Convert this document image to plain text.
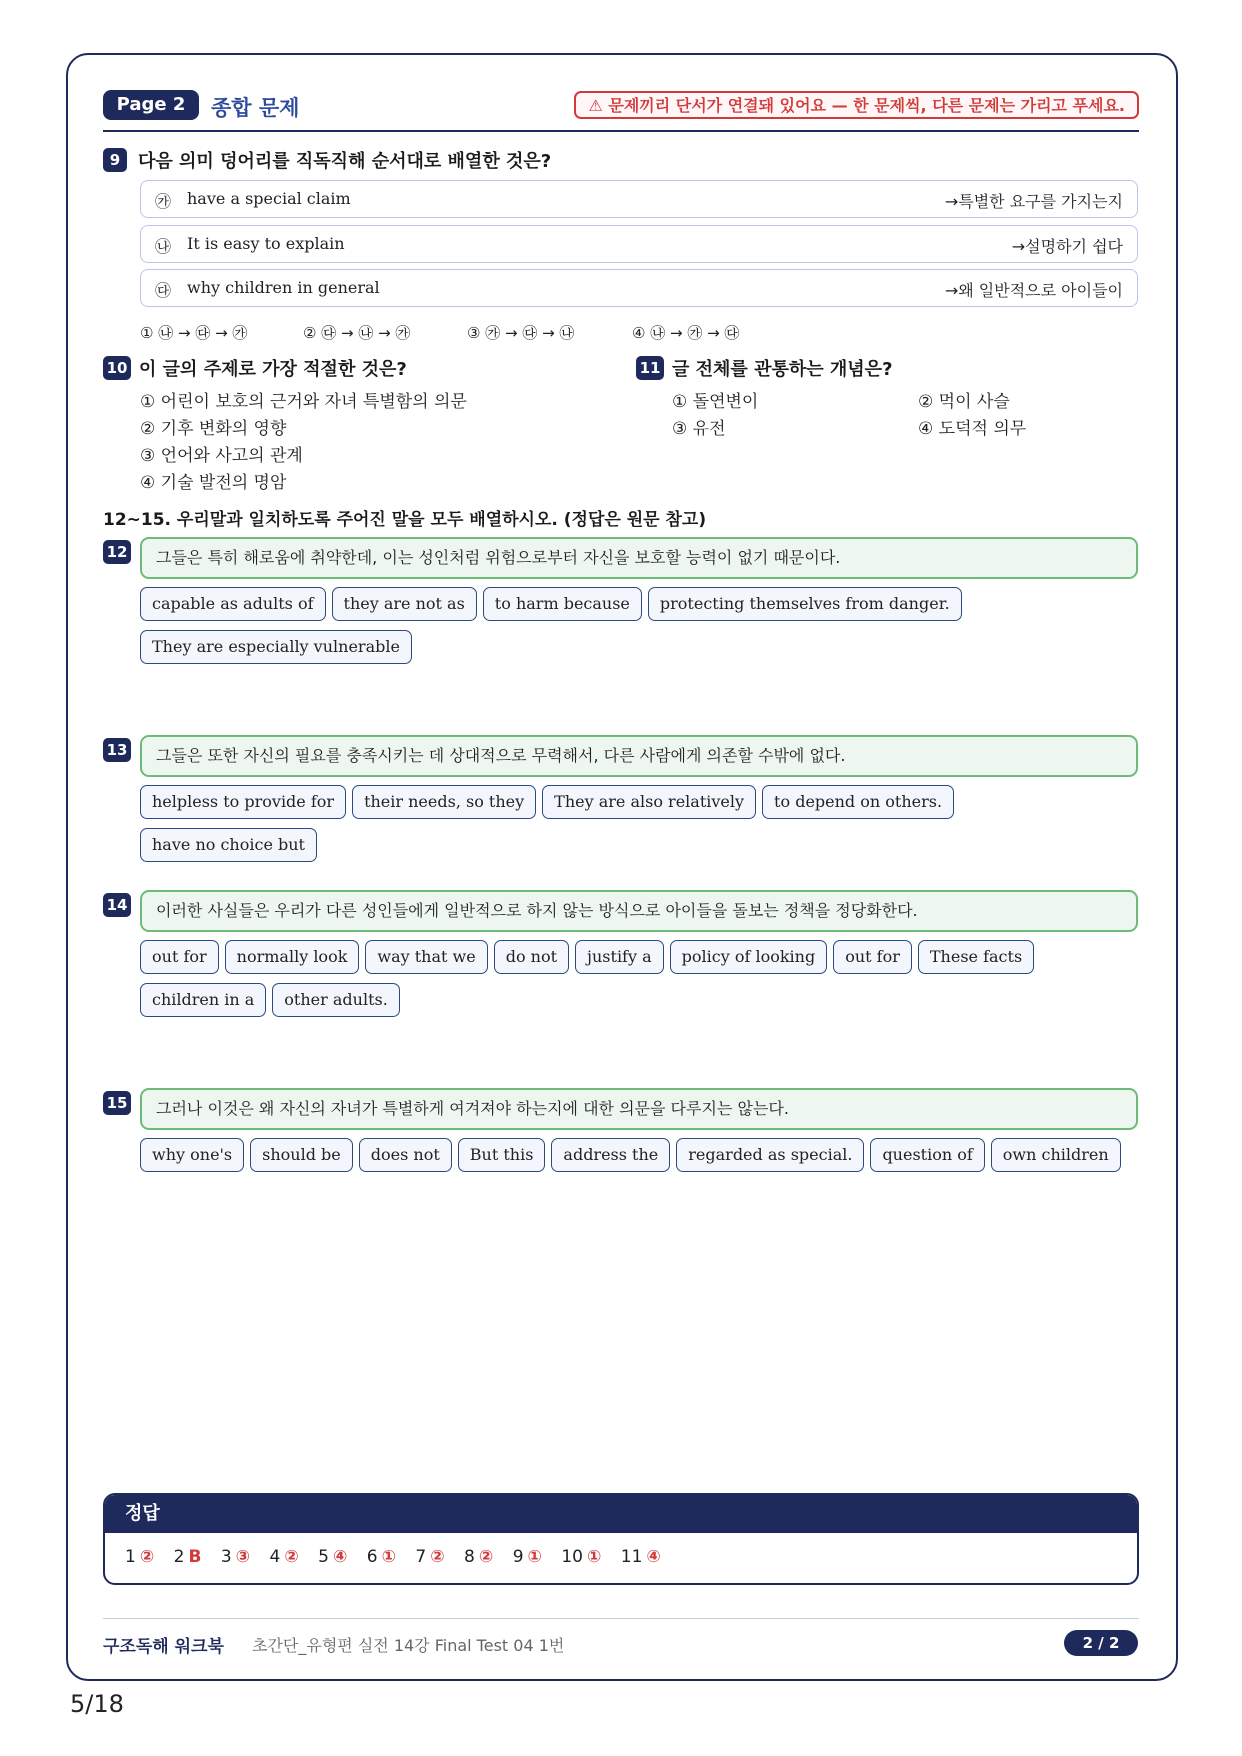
Page 2	종합 문제	⚠ 문제끼리 단서가 연결돼 있어요 — 한 문제씩, 다른 문제는 가리고 푸세요.
9 다음 의미 덩어리를 직독직해 순서대로 배열한 것은?
㉮ have a special claim	→특별한 요구를 가지는지
㉯ It is easy to explain	→설명하기 쉽다
㉰ why children in general	→왜 일반적으로 아이들이
① ㉯ → ㉰ → ㉮	② ㉰ → ㉯ → ㉮	③ ㉮ → ㉰ → ㉯	④ ㉯ → ㉮ → ㉰
10 이 글의 주제로 가장 적절한 것은?
① 어린이 보호의 근거와 자녀 특별함의 의문
② 기후 변화의 영향
③ 언어와 사고의 관계
④ 기술 발전의 명암
11 글 전체를 관통하는 개념은?
① 돌연변이	② 먹이 사슬
③ 유전	④ 도덕적 의무
12~15. 우리말과 일치하도록 주어진 말을 모두 배열하시오. (정답은 원문 참고)
12	그들은 특히 해로움에 취약한데, 이는 성인처럼 위험으로부터 자신을 보호할 능력이 없기 때문이다.
capable as adults of they are not as to harm because protecting themselves from danger.They are especially vulnerable
13	그들은 또한 자신의 필요를 충족시키는 데 상대적으로 무력해서, 다른 사람에게 의존할 수밖에 없다.
helpless to provide for their needs, so they They are also relatively to depend on others.have no choice but
14	이러한 사실들은 우리가 다른 성인들에게 일반적으로 하지 않는 방식으로 아이들을 돌보는 정책을 정당화한다.
out for normally look way that we do not justify a policy of looking out for These facts
children in a other adults.
15	그러나 이것은 왜 자신의 자녀가 특별하게 여겨져야 하는지에 대한 의문을 다루지는 않는다.
why one's should be does not But this address the regarded as special. question of own children
정답
1 ② 2 B 3 ③ 4 ② 5 ④ 6 ① 7 ② 8 ② 9 ① 10 ① 11 ④
구조독해 워크북 초간단_유형편 실전 14강 Final Test 04 1번	2 / 2
5/18
